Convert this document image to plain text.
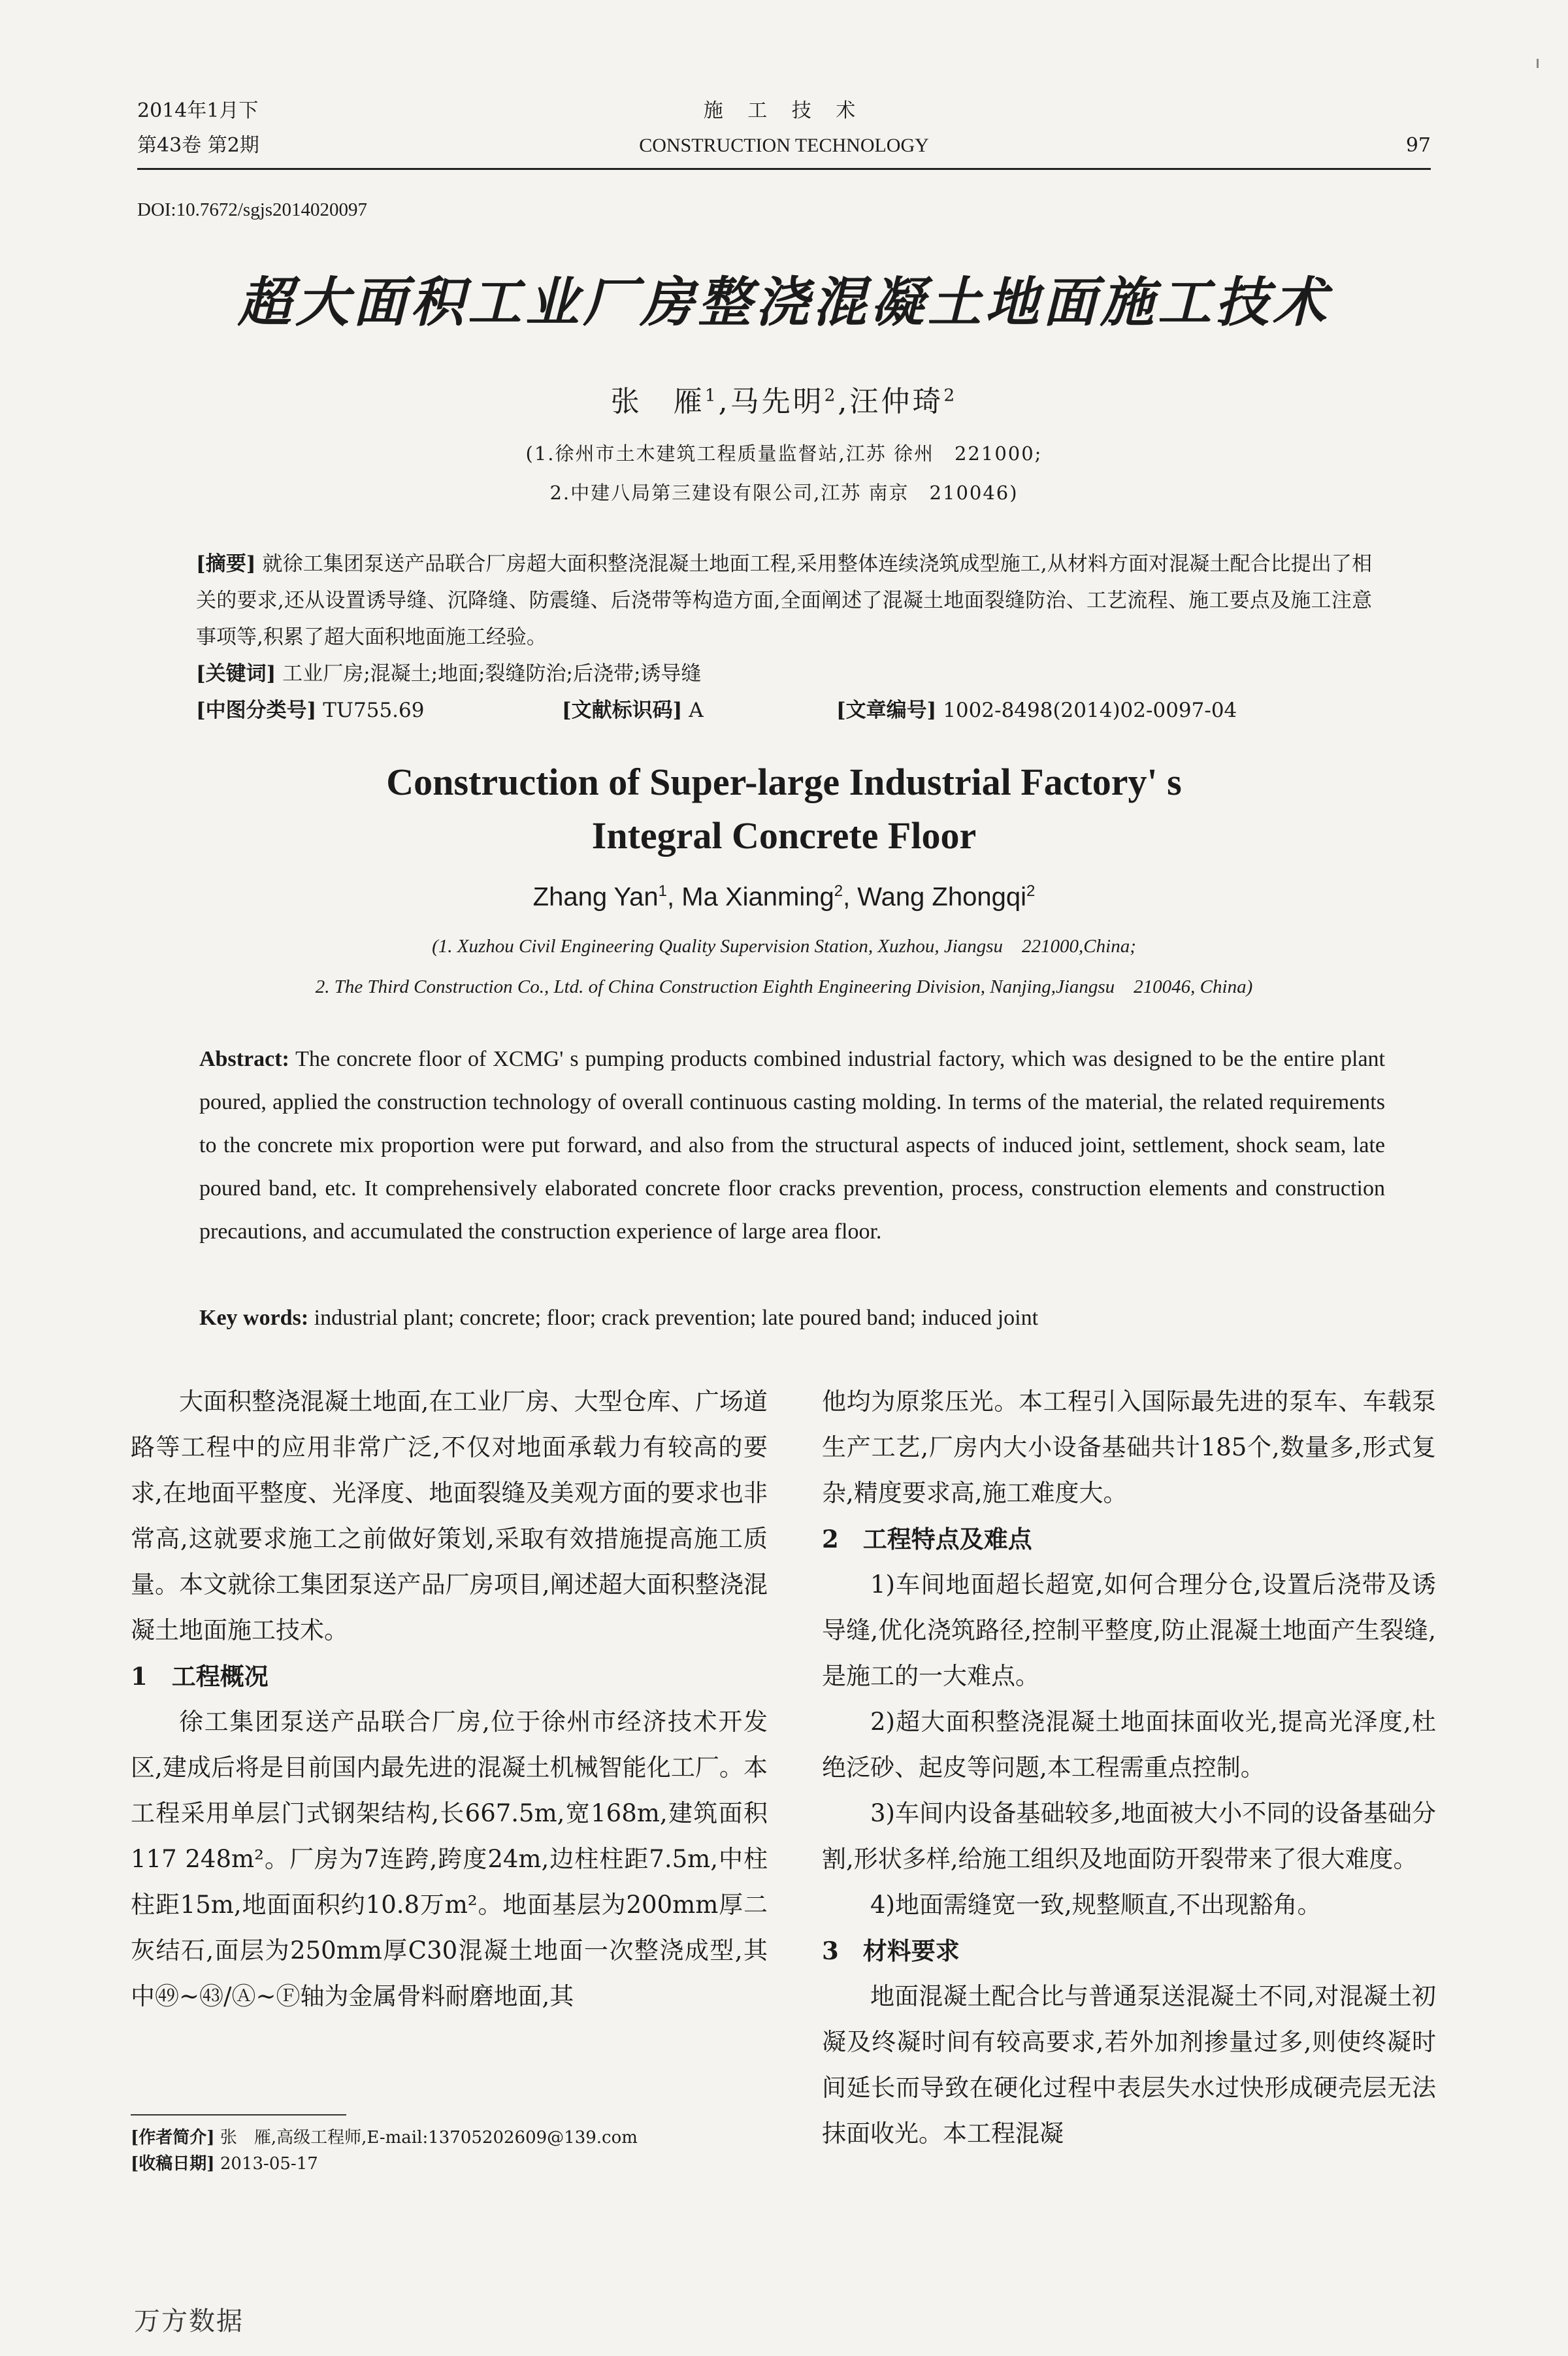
2014年1月下
第43卷 第2期
施 工 技 术
CONSTRUCTION TECHNOLOGY	97
DOI:10.7672/sgjs2014020097
超大面积工业厂房整浇混凝土地面施工技术
张　雁$^1$,马先明$^2$,汪仲琦$^2$
(1.徐州市土木建筑工程质量监督站,江苏 徐州　221000;
2.中建八局第三建设有限公司,江苏 南京　210046)
[摘要] 就徐工集团泵送产品联合厂房超大面积整浇混凝土地面工程,采用整体连续浇筑成型施工,从材料方面对混凝土配合比提出了相关的要求,还从设置诱导缝、沉降缝、防震缝、后浇带等构造方面,全面阐述了混凝土地面裂缝防治、工艺流程、施工要点及施工注意事项等,积累了超大面积地面施工经验。
[关键词] 工业厂房;混凝土;地面;裂缝防治;后浇带;诱导缝
[中图分类号] TU755.69	[文献标识码] A	[文章编号] 1002-8498(2014)02-0097-04
Construction of Super-large Industrial Factory' s
Integral Concrete Floor
Zhang Yan$^1$, Ma Xianming$^2$, Wang Zhongqi$^2$
(1. Xuzhou Civil Engineering Quality Supervision Station, Xuzhou, Jiangsu　221000,China;
2. The Third Construction Co., Ltd. of China Construction Eighth Engineering Division, Nanjing,Jiangsu　210046, China)
Abstract: The concrete floor of XCMG' s pumping products combined industrial factory, which was designed to be the entire plant poured, applied the construction technology of overall continuous casting molding. In terms of the material, the related requirements to the concrete mix proportion were put forward, and also from the structural aspects of induced joint, settlement, shock seam, late poured band, etc. It comprehensively elaborated concrete floor cracks prevention, process, construction elements and construction precautions, and accumulated the construction experience of large area floor.
Key words: industrial plant; concrete; floor; crack prevention; late poured band; induced joint

大面积整浇混凝土地面,在工业厂房、大型仓库、广场道路等工程中的应用非常广泛,不仅对地面承载力有较高的要求,在地面平整度、光泽度、地面裂缝及美观方面的要求也非常高,这就要求施工之前做好策划,采取有效措施提高施工质量。本文就徐工集团泵送产品厂房项目,阐述超大面积整浇混凝土地面施工技术。

1　工程概况

徐工集团泵送产品联合厂房,位于徐州市经济技术开发区,建成后将是目前国内最先进的混凝土机械智能化工厂。本工程采用单层门式钢架结构,长667.5m,宽168m,建筑面积117 248m²。厂房为7连跨,跨度24m,边柱柱距7.5m,中柱柱距15m,地面面积约10.8万m²。地面基层为200mm厚二灰结石,面层为250mm厚C30混凝土地面一次整浇成型,其中㊾~㊸/Ⓐ~Ⓕ轴为金属骨料耐磨地面,其

他均为原浆压光。本工程引入国际最先进的泵车、车载泵生产工艺,厂房内大小设备基础共计185个,数量多,形式复杂,精度要求高,施工难度大。

2　工程特点及难点

1)车间地面超长超宽,如何合理分仓,设置后浇带及诱导缝,优化浇筑路径,控制平整度,防止混凝土地面产生裂缝,是施工的一大难点。

2)超大面积整浇混凝土地面抹面收光,提高光泽度,杜绝泛砂、起皮等问题,本工程需重点控制。

3)车间内设备基础较多,地面被大小不同的设备基础分割,形状多样,给施工组织及地面防开裂带来了很大难度。

4)地面需缝宽一致,规整顺直,不出现豁角。

3　材料要求

地面混凝土配合比与普通泵送混凝土不同,对混凝土初凝及终凝时间有较高要求,若外加剂掺量过多,则使终凝时间延长而导致在硬化过程中表层失水过快形成硬壳层无法抹面收光。本工程混凝

[作者简介] 张　雁,高级工程师,E-mail:13705202609@139.com
[收稿日期] 2013-05-17
万方数据
